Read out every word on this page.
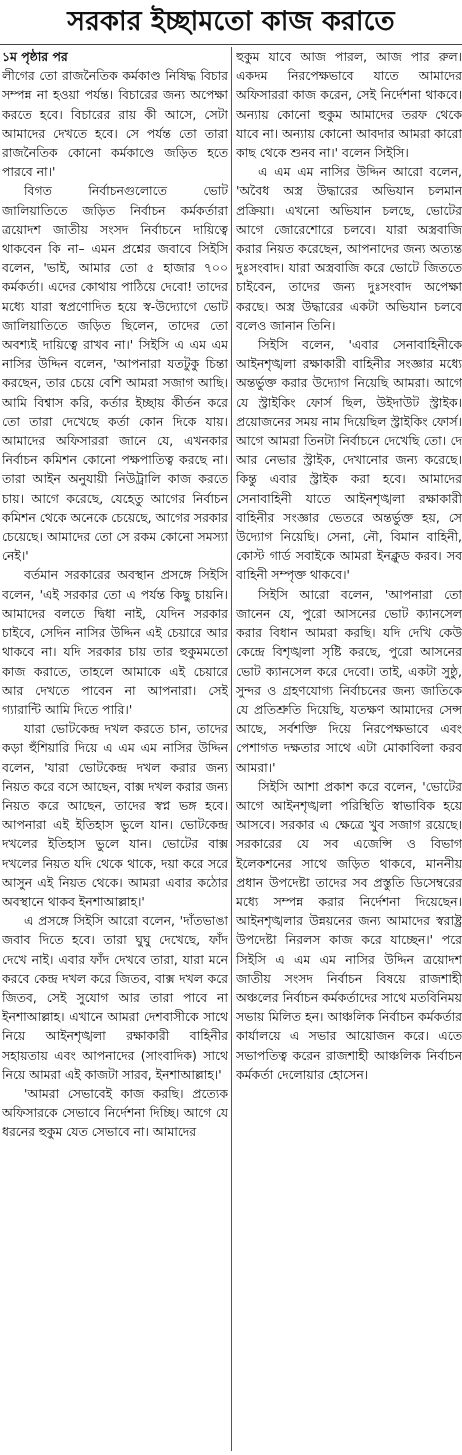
সরকার ইচ্ছামতো কাজ করাতে

১ম পৃষ্ঠার পর

লীগের তো রাজনৈতিক কর্মকাণ্ড নিষিদ্ধ বিচার সম্পন্ন না হওয়া পর্যন্ত। বিচারের জন্য অপেক্ষা করতে হবে। বিচারের রায় কী আসে, সেটা আমাদের দেখতে হবে। সে পর্যন্ত তো তারা রাজনৈতিক কোনো কর্মকাণ্ডে জড়িত হতে পারবে না।'

বিগত নির্বাচনগুলোতে ভোট জালিয়াতিতে জড়িত নির্বাচন কর্মকর্তারা ত্রয়োদশ জাতীয় সংসদ নির্বাচনে দায়িত্বে থাকবেন কি না– এমন প্রশ্নের জবাবে সিইসি বলেন, 'ভাই, আমার তো ৫ হাজার ৭০০ কর্মকর্তা। এদের কোথায় পাঠিয়ে দেবো! তাদের মধ্যে যারা স্বপ্রণোদিত হয়ে স্ব-উদ্যোগে ভোট জালিয়াতিতে জড়িত ছিলেন, তাদের তো অবশ্যই দায়িত্বে রাখব না।' সিইসি এ এম এম নাসির উদ্দিন বলেন, 'আপনারা যতটুকু চিন্তা করছেন, তার চেয়ে বেশি আমরা সজাগ আছি। আমি বিশ্বাস করি, কর্তার ইচ্ছায় কীর্তন করে তো তারা দেখেছে কর্তা কোন দিকে যায়। আমাদের অফিসাররা জানে যে, এখনকার নির্বাচন কমিশন কোনো পক্ষপাতিত্ব করছে না। তারা আইন অনুযায়ী নিউট্রালি কাজ করতে চায়। আগে করেছে, যেহেতু আগের নির্বাচন কমিশন থেকে অনেকে চেয়েছে, আগের সরকার চেয়েছে। আমাদের তো সে রকম কোনো সমস্যা নেই।'

বর্তমান সরকারের অবস্থান প্রসঙ্গে সিইসি বলেন, 'এই সরকার তো এ পর্যন্ত কিছু চায়নি। আমাদের বলতে দ্বিধা নাই, যেদিন সরকার চাইবে, সেদিন নাসির উদ্দিন এই চেয়ারে আর থাকবে না। যদি সরকার চায় তার হুকুমমতো কাজ করাতে, তাহলে আমাকে এই চেয়ারে আর দেখতে পাবেন না আপনারা। সেই গ্যারান্টি আমি দিতে পারি।'

যারা ভোটকেন্দ্র দখল করতে চান, তাদের কড়া হুঁশিয়ারি দিয়ে এ এম এম নাসির উদ্দিন বলেন, 'যারা ভোটকেন্দ্র দখল করার জন্য নিয়ত করে বসে আছেন, বাক্স দখল করার জন্য নিয়ত করে আছেন, তাদের স্বপ্ন ভঙ্গ হবে। আপনারা এই ইতিহাস ভুলে যান। ভোটকেন্দ্র দখলের ইতিহাস ভুলে যান। ভোটের বাক্স দখলের নিয়ত যদি থেকে থাকে, দয়া করে সরে আসুন এই নিয়ত থেকে। আমরা এবার কঠোর অবস্থানে থাকব ইনশাআল্লাহ।'

এ প্রসঙ্গে সিইসি আরো বলেন, 'দাঁতভাঙা জবাব দিতে হবে। তারা ঘুঘু দেখেছে, ফাঁদ দেখে নাই। এবার ফাঁদ দেখবে তারা, যারা মনে করবে কেন্দ্র দখল করে জিতব, বাক্স দখল করে জিতব, সেই সুযোগ আর তারা পাবে না ইনশাআল্লাহ। এখানে আমরা দেশবাসীকে সাথে নিয়ে আইনশৃঙ্খলা রক্ষাকারী বাহিনীর সহায়তায় এবং আপনাদের (সাংবাদিক) সাথে নিয়ে আমরা এই কাজটা সারব, ইনশাআল্লাহ।'

'আমরা সেভাবেই কাজ করছি। প্রত্যেক অফিসারকে সেভাবে নির্দেশনা দিচ্ছি। আগে যে ধরনের হুকুম যেত সেভাবে না। আমাদের

হুকুম যাবে আজ পারল, আজ পার রুল। একদম নিরপেক্ষভাবে যাতে আমাদের অফিসাররা কাজ করেন, সেই নির্দেশনা থাকবে। অন্যায় কোনো হুকুম আমাদের তরফ থেকে যাবে না। অন্যায় কোনো আবদার আমরা কারো কাছ থেকে শুনব না।' বলেন সিইসি।

এ এম এম নাসির উদ্দিন আরো বলেন, 'অবৈধ অস্ত্র উদ্ধারের অভিযান চলমান প্রক্রিয়া। এখনো অভিযান চলছে, ভোটের আগে জোরেশোরে চলবে। যারা অস্ত্রবাজি করার নিয়ত করেছেন, আপনাদের জন্য অত্যন্ত দুঃসংবাদ। যারা অস্ত্রবাজি করে ভোটে জিততে চাইবেন, তাদের জন্য দুঃসংবাদ অপেক্ষা করছে। অস্ত্র উদ্ধারের একটা অভিযান চলবে বলেও জানান তিনি।

সিইসি বলেন, 'এবার সেনাবাহিনীকে আইনশৃঙ্খলা রক্ষাকারী বাহিনীর সংজ্ঞার মধ্যে অন্তর্ভুক্ত করার উদ্যোগ নিয়েছি আমরা। আগে যে স্ট্রাইকিং ফোর্স ছিল, উইদাউট স্ট্রাইক। প্রয়োজনের সময় নাম দিয়েছিল স্ট্রাইকিং ফোর্স। আগে আমরা তিনটা নির্বাচনে দেখেছি তো। দে আর নেভার স্ট্রাইক, দেখানোর জন্য করেছে। কিন্তু এবার স্ট্রাইক করা হবে। আমাদের সেনাবাহিনী যাতে আইনশৃঙ্খলা রক্ষাকারী বাহিনীর সংজ্ঞার ভেতরে অন্তর্ভুক্ত হয়, সে উদ্যোগ নিয়েছি। সেনা, নৌ, বিমান বাহিনী, কোস্ট গার্ড সবাইকে আমরা ইনক্লুড করব। সব বাহিনী সম্পৃক্ত থাকবে।'

সিইসি আরো বলেন, 'আপনারা তো জানেন যে, পুরো আসনের ভোট ক্যানসেল করার বিধান আমরা করছি। যদি দেখি কেউ কেন্দ্রে বিশৃঙ্খলা সৃষ্টি করছে, পুরো আসনের ভোট ক্যানসেল করে দেবো। তাই, একটা সুষ্ঠু, সুন্দর ও গ্রহণযোগ্য নির্বাচনের জন্য জাতিকে যে প্রতিশ্রুতি দিয়েছি, যতক্ষণ আমাদের সেন্স আছে, সর্বশক্তি দিয়ে নিরপেক্ষভাবে এবং পেশাগত দক্ষতার সাথে এটা মোকাবিলা করব আমরা।'

সিইসি আশা প্রকাশ করে বলেন, 'ভোটের আগে আইনশৃঙ্খলা পরিস্থিতি স্বাভাবিক হয়ে আসবে। সরকার এ ক্ষেত্রে খুব সজাগ রয়েছে। সরকারের যে সব এজেন্সি ও বিভাগ ইলেকশনের সাথে জড়িত থাকবে, মাননীয় প্রধান উপদেষ্টা তাদের সব প্রস্তুতি ডিসেম্বরের মধ্যে সম্পন্ন করার নির্দেশনা দিয়েছেন। আইনশৃঙ্খলার উন্নয়নের জন্য আমাদের স্বরাষ্ট্র উপদেষ্টা নিরলস কাজ করে যাচ্ছেন।' পরে সিইসি এ এম এম নাসির উদ্দিন ত্রয়োদশ জাতীয় সংসদ নির্বাচন বিষয়ে রাজশাহী অঞ্চলের নির্বাচন কর্মকর্তাদের সাথে মতবিনিময় সভায় মিলিত হন। আঞ্চলিক নির্বাচন কর্মকর্তার কার্যালয়ে এ সভার আয়োজন করে। এতে সভাপতিত্ব করেন রাজশাহী আঞ্চলিক নির্বাচন কর্মকর্তা দেলোয়ার হোসেন।
